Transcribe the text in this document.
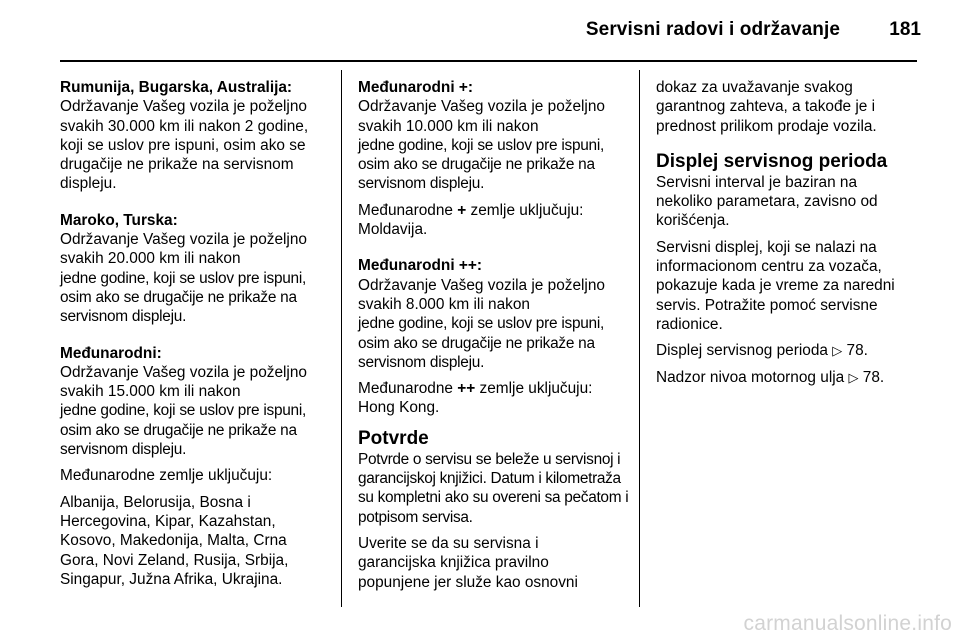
Servisni radovi i održavanje	181

Rumunija, Bugarska, Australija:

Održavanje Vašeg vozila je poželjno svakih 30.000 km ili nakon 2 godine, koji se uslov pre ispuni, osim ako se drugačije ne prikaže na servisnom displeju.

Maroko, Turska:

Održavanje Vašeg vozila je poželjno svakih 20.000 km ili nakon

jedne godine, koji se uslov pre ispuni, osim ako se drugačije ne prikaže na servisnom displeju.

Međunarodni:

Održavanje Vašeg vozila je poželjno svakih 15.000 km ili nakon

jedne godine, koji se uslov pre ispuni, osim ako se drugačije ne prikaže na servisnom displeju.

Međunarodne zemlje uključuju:

Albanija, Belorusija, Bosna i Hercegovina, Kipar, Kazahstan, Kosovo, Makedonija, Malta, Crna Gora, Novi Zeland, Rusija, Srbija, Singapur, Južna Afrika, Ukrajina.

Međunarodni +:

Održavanje Vašeg vozila je poželjno svakih 10.000 km ili nakon

jedne godine, koji se uslov pre ispuni, osim ako se drugačije ne prikaže na servisnom displeju.

Međunarodne + zemlje uključuju: Moldavija.

Međunarodni ++:

Održavanje Vašeg vozila je poželjno svakih 8.000 km ili nakon

jedne godine, koji se uslov pre ispuni, osim ako se drugačije ne prikaže na servisnom displeju.

Međunarodne ++ zemlje uključuju: Hong Kong.

Potvrde

Potvrde o servisu se beleže u servisnoj i garancijskoj knjižici. Datum i kilometraža su kompletni ako su overeni sa pečatom i potpisom servisa.

Uverite se da su servisna i garancijska knjižica pravilno popunjene jer služe kao osnovni

dokaz za uvažavanje svakog garantnog zahteva, a takođe je i prednost prilikom prodaje vozila.

Displej servisnog perioda

Servisni interval je baziran na nekoliko parametara, zavisno od korišćenja.

Servisni displej, koji se nalazi na informacionom centru za vozača, pokazuje kada je vreme za naredni servis. Potražite pomoć servisne radionice.

Displej servisnog perioda ▷ 78.

Nadzor nivoa motornog ulja ▷ 78.

carmanualsonline.info
